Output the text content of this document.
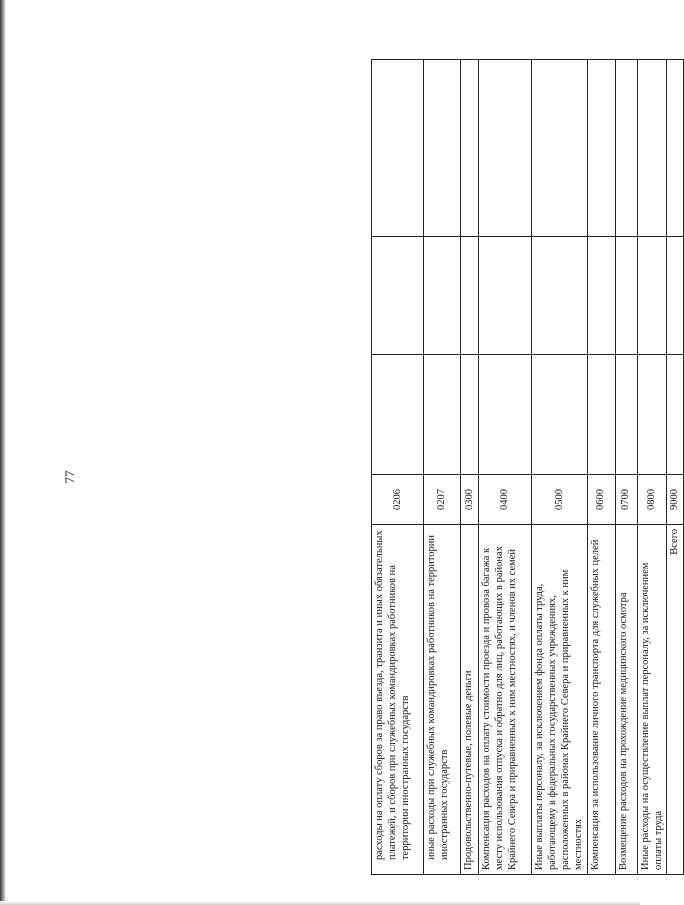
77
расходы на оплату сборов за право въезда, транзита и иных обязательных платежей, и сборов при служебных командировках работников на территории иностранных государств	0206			
иные расходы при служебных командировках работников на территории иностранных государств	0207			
Продовольственно-путевые, полевые деньги	0300			
Компенсация расходов на оплату стоимости проезда и провоза багажа к месту использования отпуска и обратно для лиц, работающих в районах Крайнего Севера и приравненных к ним местностях, и членов их семей	0400			
Иные выплаты персоналу, за исключением фонда оплаты труда, работающему в федеральных государственных учреждениях, расположенных в районах Крайнего Севера и приравненных к ним местностях	0500			
Компенсация за использование личного транспорта для служебных целей	0600			
Возмещение расходов на прохождение медицинского осмотра	0700			
Иные расходы на осуществление выплат персоналу, за исключением оплаты труда	0800			
Всего	9000			
